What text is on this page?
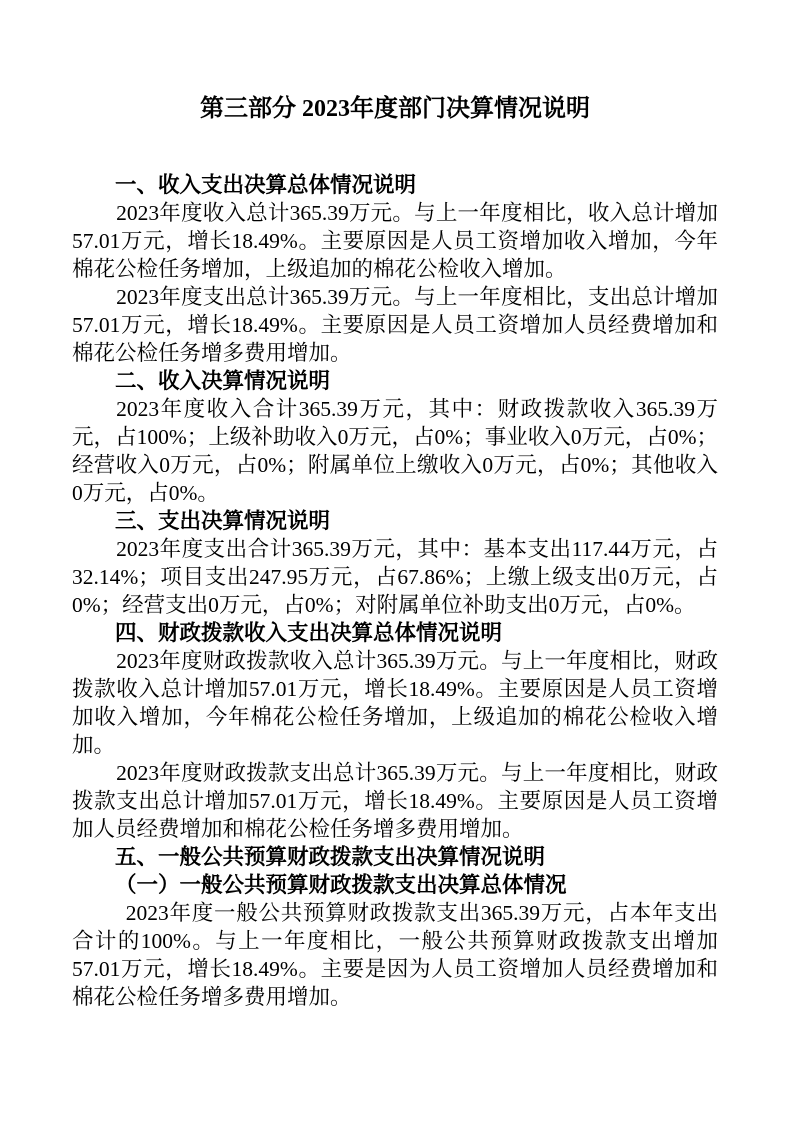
第三部分 2023年度部门决算情况说明
一、收入支出决算总体情况说明

2023年度收入总计365.39万元。与上一年度相比，收入总计增加57.01万元，增长18.49%。主要原因是人员工资增加收入增加，今年棉花公检任务增加，上级追加的棉花公检收入增加。

2023年度支出总计365.39万元。与上一年度相比，支出总计增加57.01万元，增长18.49%。主要原因是人员工资增加人员经费增加和棉花公检任务增多费用增加。

二、收入决算情况说明

2023年度收入合计365.39万元，其中：财政拨款收入365.39万元，占100%；上级补助收入0万元，占0%；事业收入0万元，占0%；经营收入0万元，占0%；附属单位上缴收入0万元，占0%；其他收入0万元，占0%。

三、支出决算情况说明

2023年度支出合计365.39万元，其中：基本支出117.44万元，占32.14%；项目支出247.95万元，占67.86%；上缴上级支出0万元，占0%；经营支出0万元，占0%；对附属单位补助支出0万元，占0%。

四、财政拨款收入支出决算总体情况说明

2023年度财政拨款收入总计365.39万元。与上一年度相比，财政拨款收入总计增加57.01万元，增长18.49%。主要原因是人员工资增加收入增加，今年棉花公检任务增加，上级追加的棉花公检收入增加。

2023年度财政拨款支出总计365.39万元。与上一年度相比，财政拨款支出总计增加57.01万元，增长18.49%。主要原因是人员工资增加人员经费增加和棉花公检任务增多费用增加。

五、一般公共预算财政拨款支出决算情况说明
（一）一般公共预算财政拨款支出决算总体情况

2023年度一般公共预算财政拨款支出365.39万元，占本年支出合计的100%。与上一年度相比，一般公共预算财政拨款支出增加57.01万元，增长18.49%。主要是因为人员工资增加人员经费增加和棉花公检任务增多费用增加。
